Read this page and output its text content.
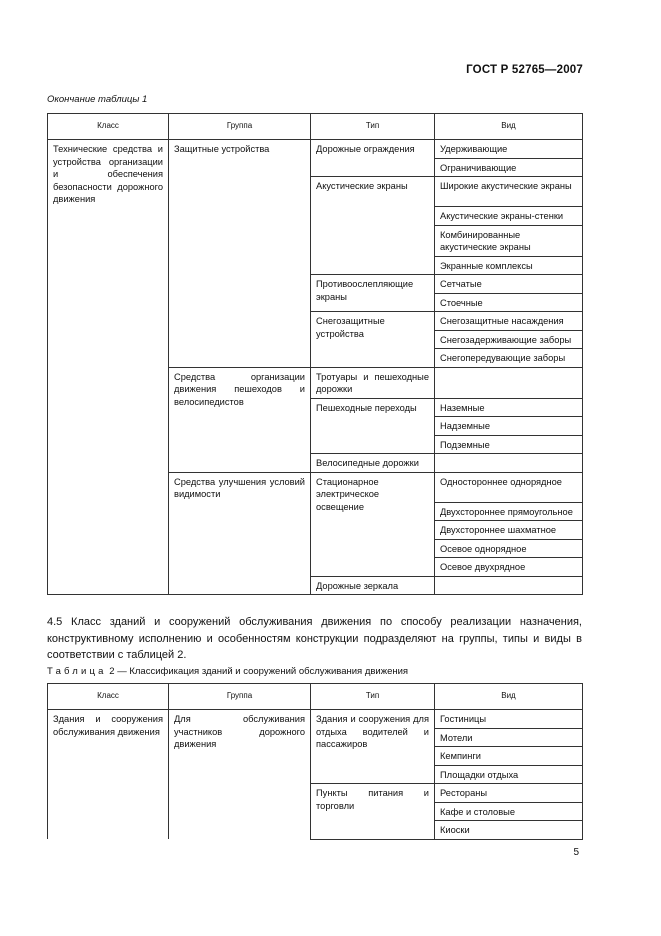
ГОСТ Р 52765—2007
Окончание таблицы 1
Класс	Группа	Тип	Вид
Технические средства и устройства организации и обеспечения безопасности дорожного движения	Защитные устройства	Дорожные ограждения	Удерживающие
			Ограничивающие
		Акустические экраны	Широкие акустические экраны
			Акустические экраны-стенки
			Комбинированные акустические экраны
			Экранные комплексы
		Противоослепляющие экраны	Сетчатые
			Стоечные
		Снегозащитные устройства	Снегозащитные насаждения
			Снегозадерживающие заборы
			Снегопередувающие заборы
	Средства организации движения пешеходов и велосипедистов	Тротуары и пешеходные дорожки	
		Пешеходные переходы	Наземные
			Надземные
			Подземные
		Велосипедные дорожки	
	Средства улучшения условий видимости	Стационарное электрическое освещение	Одностороннее однорядное
			Двухстороннее прямоугольное
			Двухстороннее шахматное
			Осевое однорядное
			Осевое двухрядное
		Дорожные зеркала	
4.5 Класс зданий и сооружений обслуживания движения по способу реализации назначения, конструктивному исполнению и особенностям конструкции подразделяют на группы, типы и виды в соответствии с таблицей 2.
Таблица 2 — Классификация зданий и сооружений обслуживания движения
Класс	Группа	Тип	Вид
Здания и сооружения обслуживания движения	Для обслуживания участников дорожного движения	Здания и сооружения для отдыха водителей и пассажиров	Гостиницы
			Мотели
			Кемпинги
			Площадки отдыха
		Пункты питания и торговли	Рестораны
			Кафе и столовые
			Киоски
5
